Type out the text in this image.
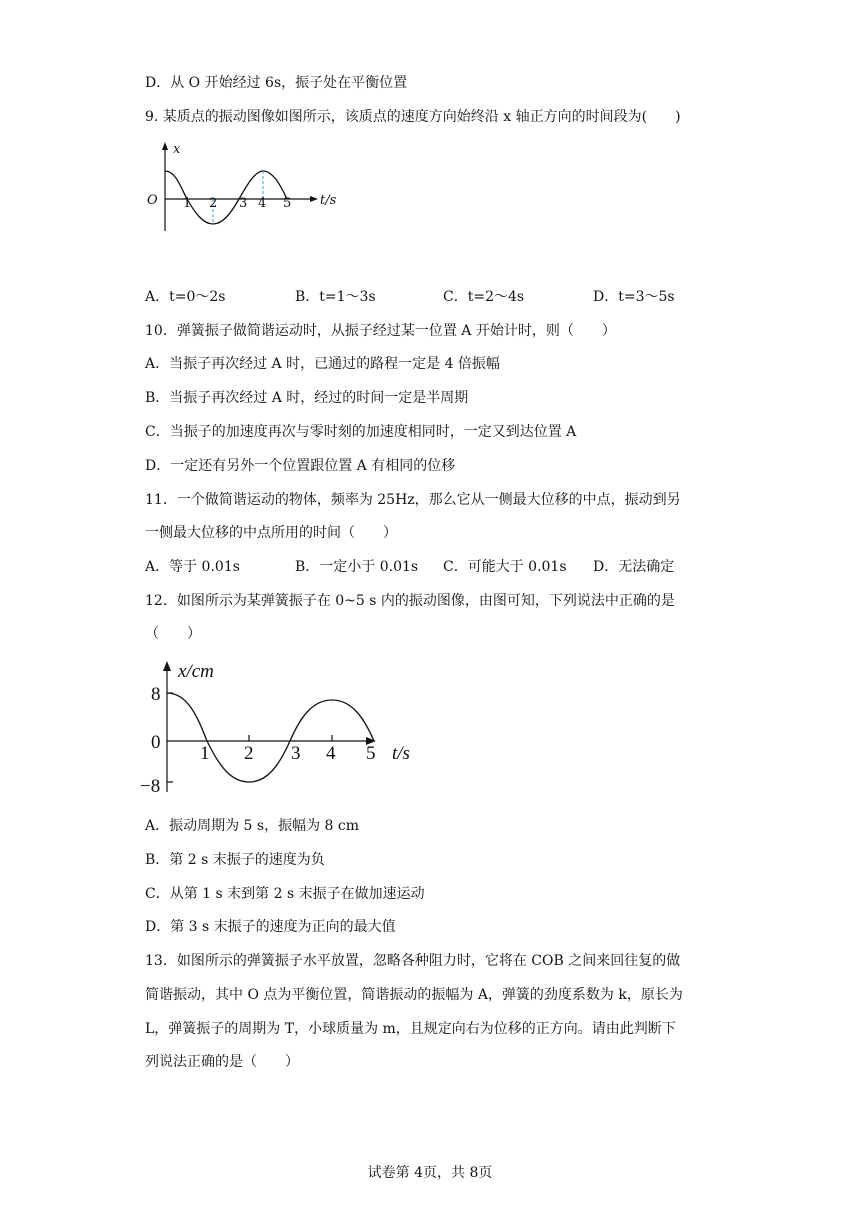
D．从 O 开始经过 6s，振子处在平衡位置
9. 某质点的振动图像如图所示，该质点的速度方向始终沿 x 轴正方向的时间段为(　　)
x
O 1 2 3 4 5 t/s
A．t=0～2s	B．t=1～3s	C．t=2～4s	D．t=3～5s
10．弹簧振子做简谐运动时，从振子经过某一位置 A 开始计时，则（　　）
A．当振子再次经过 A 时，已通过的路程一定是 4 倍振幅
B．当振子再次经过 A 时，经过的时间一定是半周期
C．当振子的加速度再次与零时刻的加速度相同时，一定又到达位置 A
D．一定还有另外一个位置跟位置 A 有相同的位移
11．一个做简谐运动的物体，频率为 25Hz，那么它从一侧最大位移的中点，振动到另
一侧最大位移的中点所用的时间（　　）
A．等于 0.01s	B．一定小于 0.01s C．可能大于 0.01s D．无法确定
12．如图所示为某弹簧振子在 0~5 s 内的振动图像，由图可知，下列说法中正确的是
（　　）
x/cm
8
0
−8
1 2 3 4 5 t/s
A．振动周期为 5 s，振幅为 8 cm
B．第 2 s 末振子的速度为负
C．从第 1 s 末到第 2 s 末振子在做加速运动
D．第 3 s 末振子的速度为正向的最大值
13．如图所示的弹簧振子水平放置，忽略各种阻力时，它将在 COB 之间来回往复的做
简谐振动，其中 O 点为平衡位置，简谐振动的振幅为 A，弹簧的劲度系数为 k，原长为
L，弹簧振子的周期为 T，小球质量为 m，且规定向右为位移的正方向。请由此判断下
列说法正确的是（　　）
试卷第 4页，共 8页
